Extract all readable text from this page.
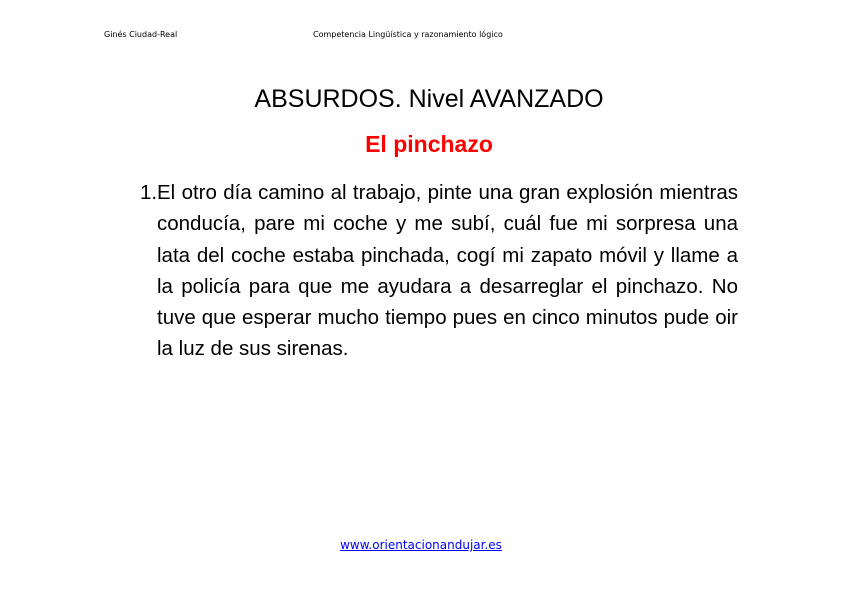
Ginés Ciudad-Real	Competencia Lingüística y razonamiento lógico
ABSURDOS. Nivel AVANZADO
El pinchazo
1. El otro día camino al trabajo, pinte una gran explosión mientras conducía, pare mi coche y me subí, cuál fue mi sorpresa una lata del coche estaba pinchada, cogí mi zapato móvil y llame a la policía para que me ayudara a desarreglar el pinchazo. No tuve que esperar mucho tiempo pues en cinco minutos pude oir la luz de sus sirenas.
www.orientacionandujar.es
